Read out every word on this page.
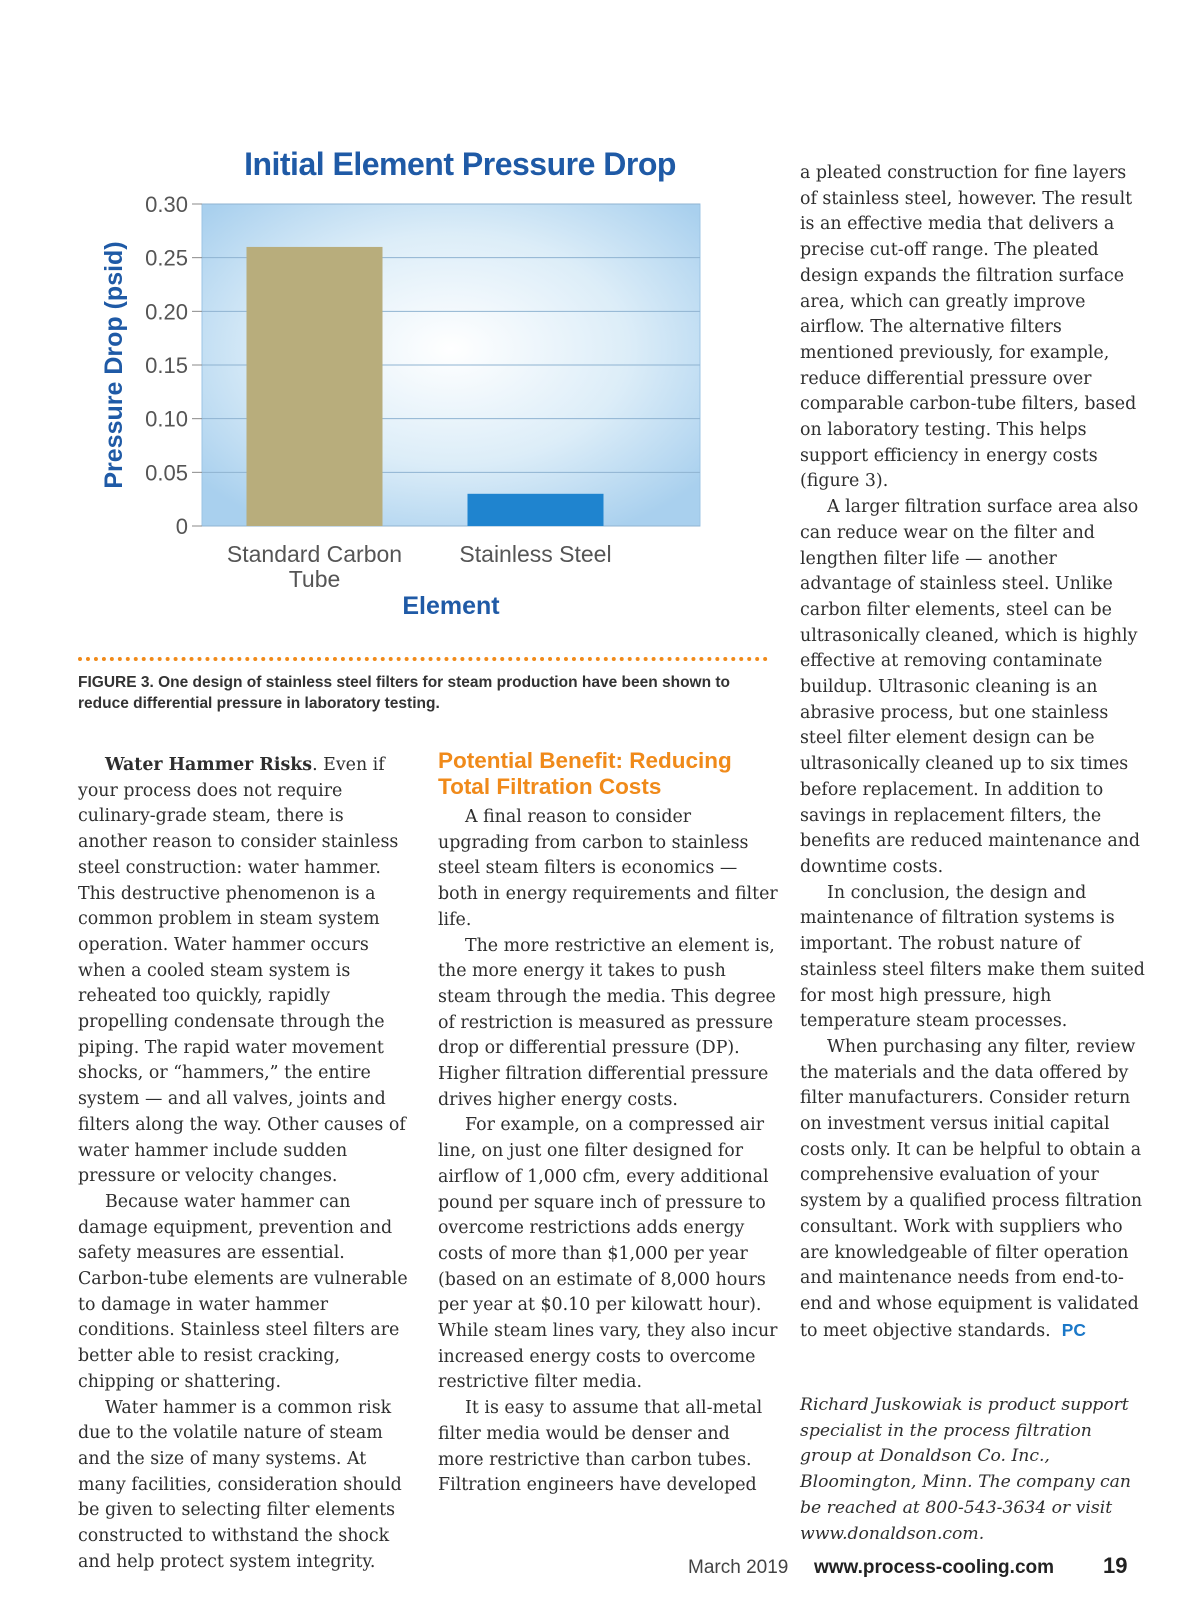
Initial Element Pressure Drop
0
0.05
0.10
0.15
0.20
0.25
0.30
Standard Carbon Tube
Stainless Steel
Pressure Drop (psid)
Element
FIGURE 3. One design of stainless steel filters for steam production have been shown to reduce differential pressure in laboratory testing.

Water Hammer Risks. Even if your process does not require culinary-grade steam, there is another reason to consider stainless steel construction: water hammer. This destructive phenomenon is a common problem in steam system operation. Water hammer occurs when a cooled steam system is reheated too quickly, rapidly propelling condensate through the piping. The rapid water movement shocks, or “hammers,” the entire system — and all valves, joints and filters along the way. Other causes of water hammer include sudden pressure or velocity changes.

Because water hammer can damage equipment, prevention and safety measures are essential. Carbon-tube elements are vulnerable to damage in water hammer conditions. Stainless steel filters are better able to resist cracking, chipping or shattering.

Water hammer is a common risk due to the volatile nature of steam and the size of many systems. At many facilities, consideration should be given to selecting filter elements constructed to withstand the shock and help protect system integrity.

Potential Benefit: Reducing Total Filtration Costs

A final reason to consider upgrading from carbon to stainless steel steam filters is economics — both in energy requirements and filter life.

The more restrictive an element is, the more energy it takes to push steam through the media. This degree of restriction is measured as pressure drop or differential pressure (DP). Higher filtration differential pressure drives higher energy costs.

For example, on a compressed air line, on just one filter designed for airflow of 1,000 cfm, every additional pound per square inch of pressure to overcome restrictions adds energy costs of more than $1,000 per year (based on an estimate of 8,000 hours per year at $0.10 per kilowatt hour). While steam lines vary, they also incur increased energy costs to overcome restrictive filter media.

It is easy to assume that all-metal filter media would be denser and more restrictive than carbon tubes. Filtration engineers have developed

a pleated construction for fine layers of stainless steel, however. The result is an effective media that delivers a precise cut-off range. The pleated design expands the filtration surface area, which can greatly improve airflow. The alternative filters mentioned previously, for example, reduce differential pressure over comparable carbon-tube filters, based on laboratory testing. This helps support efficiency in energy costs (figure 3).

A larger filtration surface area also can reduce wear on the filter and lengthen filter life — another advantage of stainless steel. Unlike carbon filter elements, steel can be ultrasonically cleaned, which is highly effective at removing contaminate buildup. Ultrasonic cleaning is an abrasive process, but one stainless steel filter element design can be ultrasonically cleaned up to six times before replacement. In addition to savings in replacement filters, the benefits are reduced maintenance and downtime costs.

In conclusion, the design and maintenance of filtration systems is important. The robust nature of stainless steel filters make them suited for most high pressure, high temperature steam processes.

When purchasing any filter, review the materials and the data offered by filter manufacturers. Consider return on investment versus initial capital costs only. It can be helpful to obtain a comprehensive evaluation of your system by a qualified process filtration consultant. Work with suppliers who are knowledgeable of filter operation and maintenance needs from end-to-end and whose equipment is validated to meet objective standards. PC

Richard Juskowiak is product support specialist in the process filtration group at Donaldson Co. Inc., Bloomington, Minn. The company can be reached at 800-543-3634 or visit www.donaldson.com.
March 2019 www.process-cooling.com 19
